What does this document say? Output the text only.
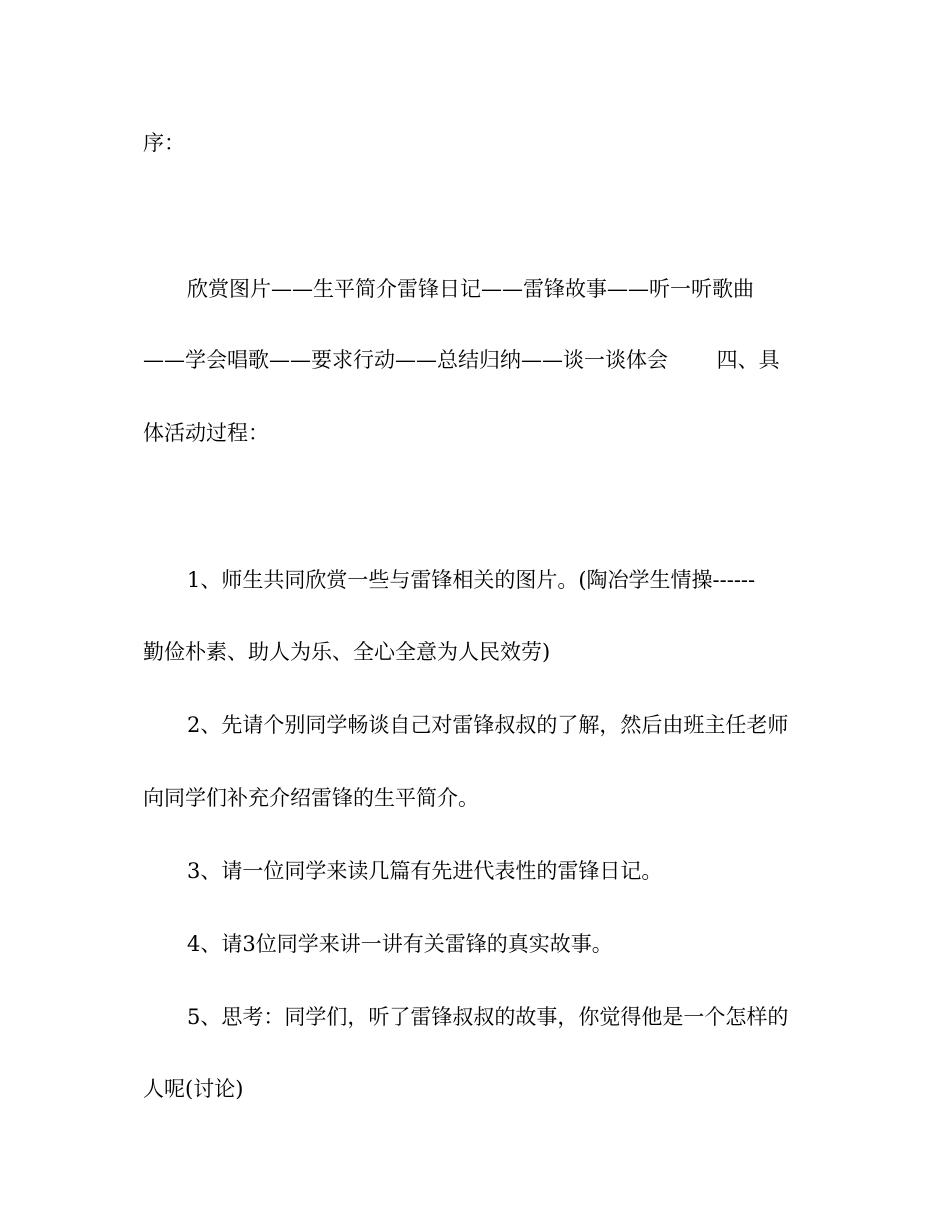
序：
欣赏图片——生平简介雷锋日记——雷锋故事——听一听歌曲
——学会唱歌——要求行动——总结归纳——谈一谈体会 　　四、具
体活动过程：
1、师生共同欣赏一些与雷锋相关的图片。(陶冶学生情操------
勤俭朴素、助人为乐、全心全意为人民效劳)
2、先请个别同学畅谈自己对雷锋叔叔的了解，然后由班主任老师
向同学们补充介绍雷锋的生平简介。
3、请一位同学来读几篇有先进代表性的雷锋日记。
4、请3位同学来讲一讲有关雷锋的真实故事。
5、思考：同学们，听了雷锋叔叔的故事，你觉得他是一个怎样的
人呢(讨论)
